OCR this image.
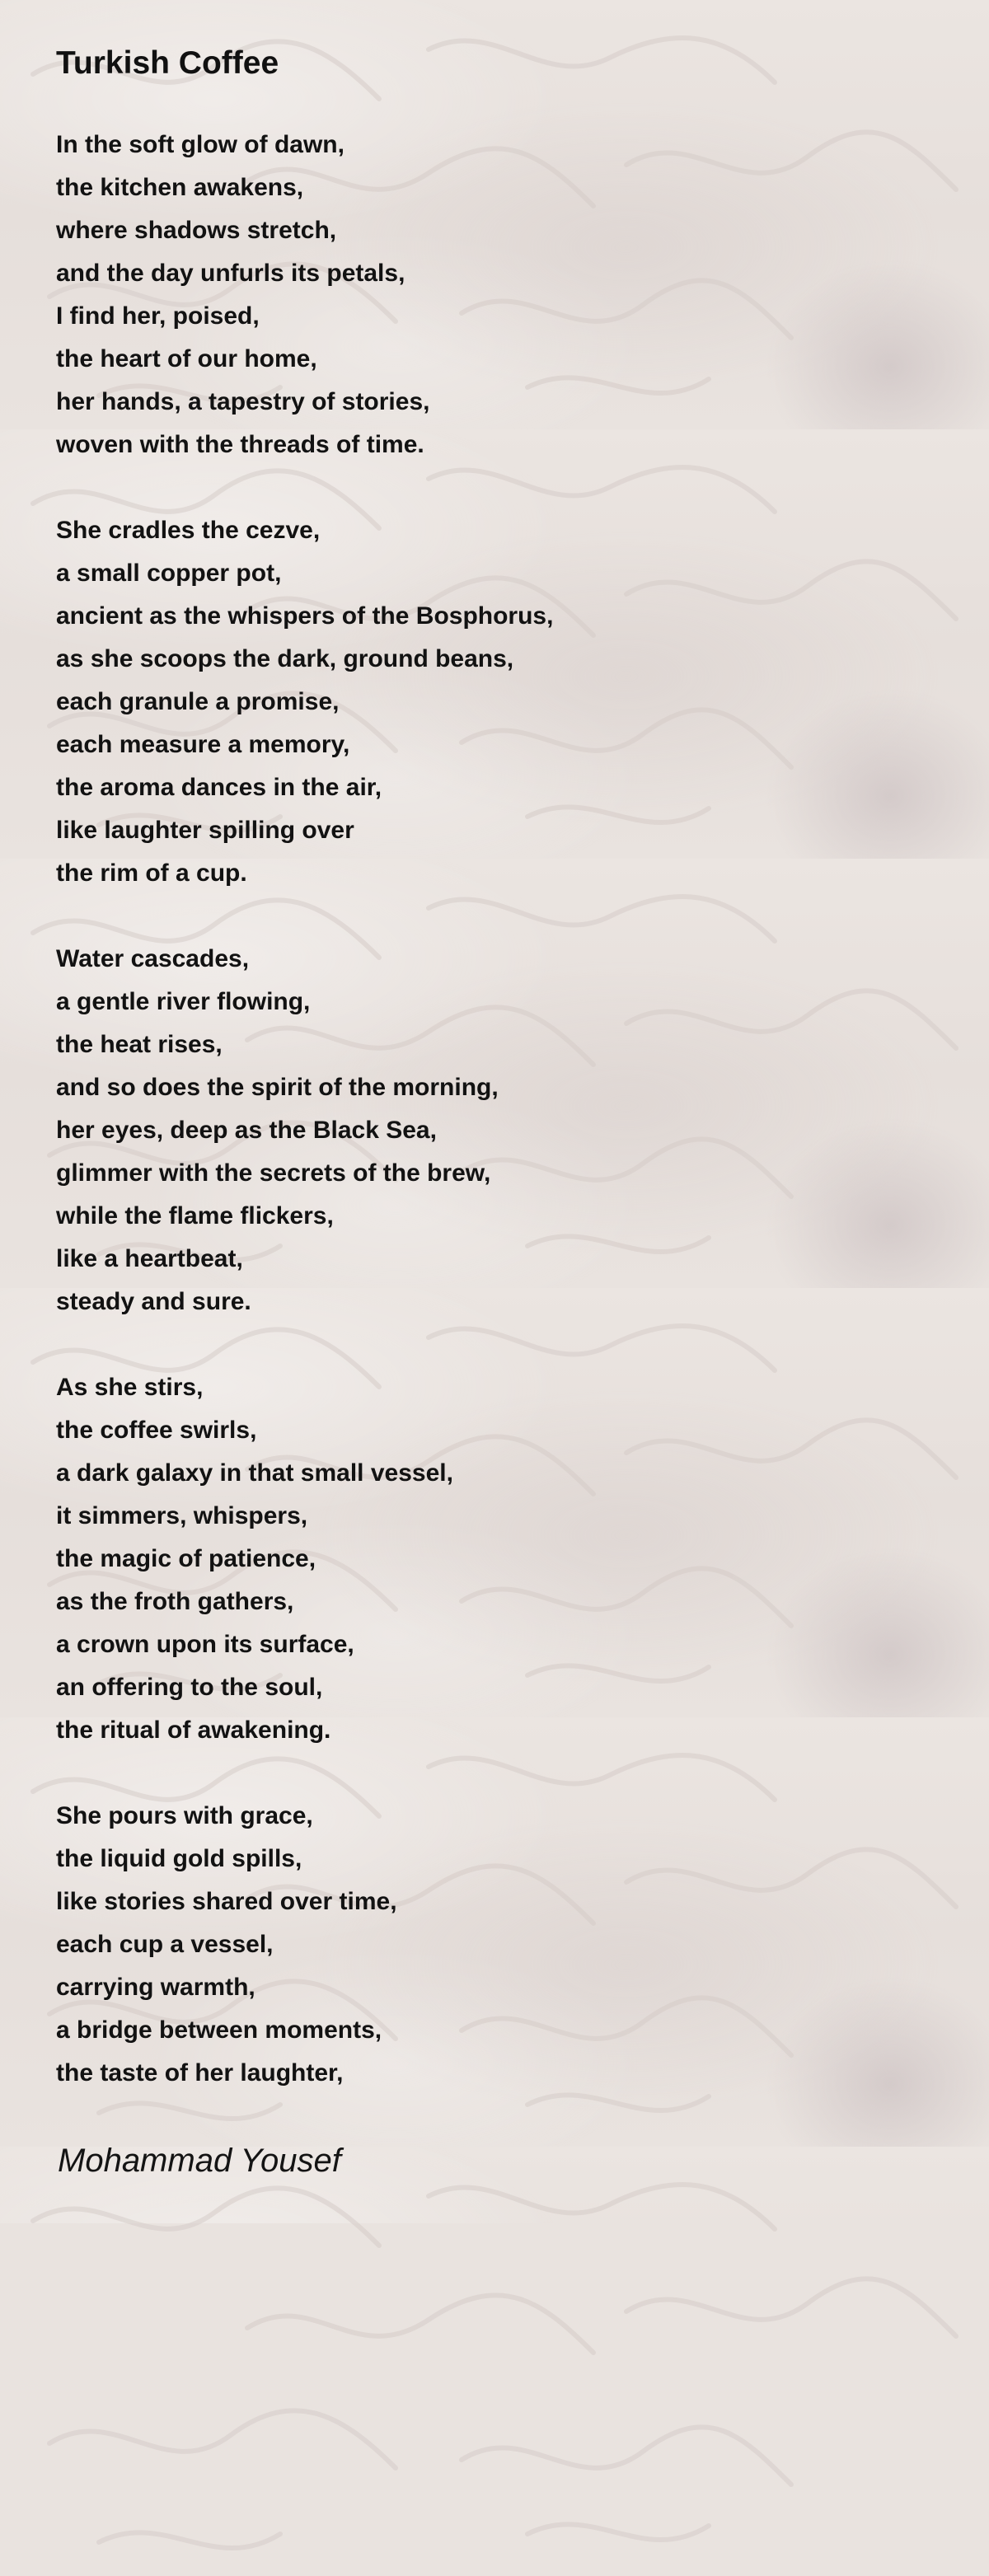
Turkish Coffee
In the soft glow of dawn,
the kitchen awakens,
where shadows stretch,
and the day unfurls its petals,
I find her, poised,
the heart of our home,
her hands, a tapestry of stories,
woven with the threads of time.
She cradles the cezve,
a small copper pot,
ancient as the whispers of the Bosphorus,
as she scoops the dark, ground beans,
each granule a promise,
each measure a memory,
the aroma dances in the air,
like laughter spilling over
the rim of a cup.
Water cascades,
a gentle river flowing,
the heat rises,
and so does the spirit of the morning,
her eyes, deep as the Black Sea,
glimmer with the secrets of the brew,
while the flame flickers,
like a heartbeat,
steady and sure.
As she stirs,
the coffee swirls,
a dark galaxy in that small vessel,
it simmers, whispers,
the magic of patience,
as the froth gathers,
a crown upon its surface,
an offering to the soul,
the ritual of awakening.
She pours with grace,
the liquid gold spills,
like stories shared over time,
each cup a vessel,
carrying warmth,
a bridge between moments,
the taste of her laughter,

Mohammad Yousef
